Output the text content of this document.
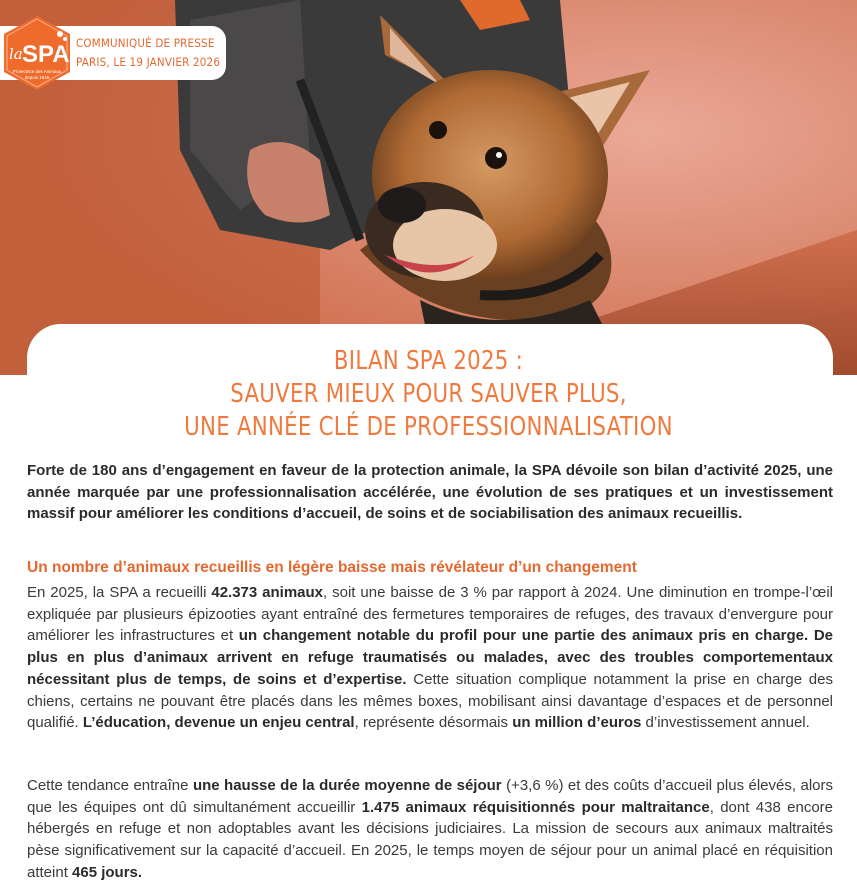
COMMUNIQUÉ DE PRESSE
PARIS, LE 19 JANVIER 2026
la SPA
Protectrice des Animaux
depuis 1845
BILAN SPA 2025 :
SAUVER MIEUX POUR SAUVER PLUS,
UNE ANNÉE CLÉ DE PROFESSIONNALISATION
Forte de 180 ans d’engagement en faveur de la protection animale, la SPA dévoile son bilan d’activité 2025, une année marquée par une professionnalisation accélérée, une évolution de ses pratiques et un investissement massif pour améliorer les conditions d’accueil, de soins et de sociabilisation des animaux recueillis.
Un nombre d’animaux recueillis en légère baisse mais révélateur d’un changement
En 2025, la SPA a recueilli 42.373 animaux, soit une baisse de 3 % par rapport à 2024. Une diminution en trompe-l’œil expliquée par plusieurs épizooties ayant entraîné des fermetures temporaires de refuges, des travaux d’envergure pour améliorer les infrastructures et un changement notable du profil pour une partie des animaux pris en charge. De plus en plus d’animaux arrivent en refuge traumatisés ou malades, avec des troubles comportementaux nécessitant plus de temps, de soins et d’expertise. Cette situation complique notamment la prise en charge des chiens, certains ne pouvant être placés dans les mêmes boxes, mobilisant ainsi davantage d’espaces et de personnel qualifié. L’éducation, devenue un enjeu central, représente désormais un million d’euros d’investissement annuel.
Cette tendance entraîne une hausse de la durée moyenne de séjour (+3,6 %) et des coûts d’accueil plus élevés, alors que les équipes ont dû simultanément accueillir 1.475 animaux réquisitionnés pour maltraitance, dont 438 encore hébergés en refuge et non adoptables avant les décisions judiciaires. La mission de secours aux animaux maltraités pèse significativement sur la capacité d’accueil. En 2025, le temps moyen de séjour pour un animal placé en réquisition atteint 465 jours.
